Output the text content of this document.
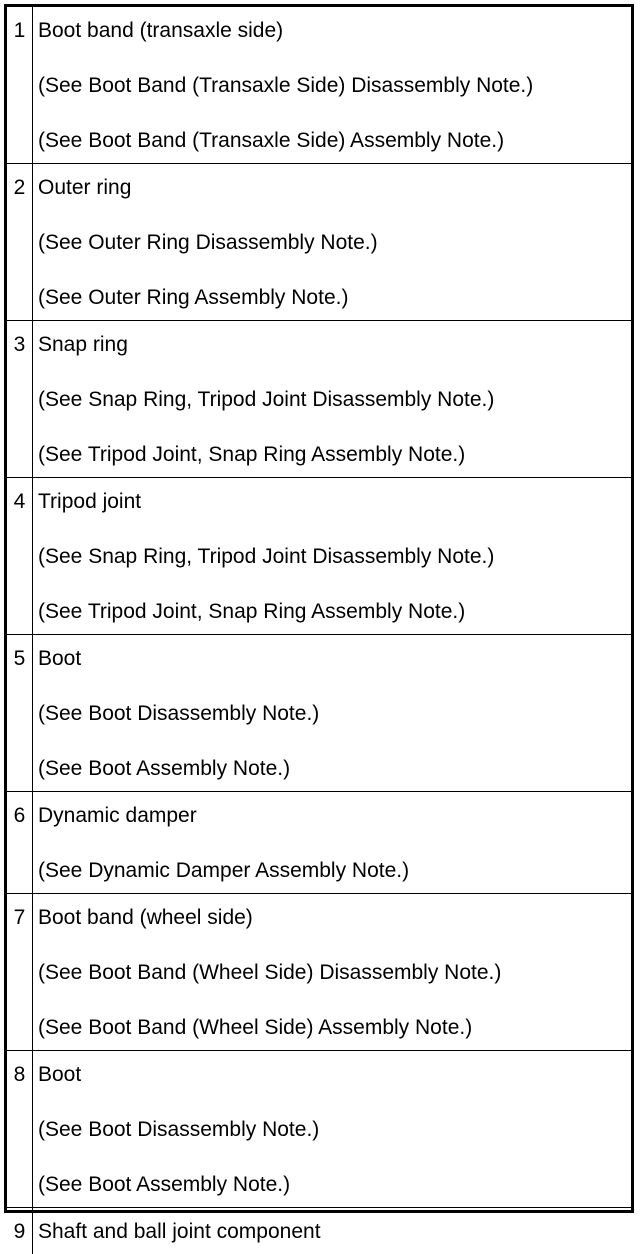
1 Boot band (transaxle side)
(See Boot Band (Transaxle Side) Disassembly Note.)
(See Boot Band (Transaxle Side) Assembly Note.)
2 Outer ring
(See Outer Ring Disassembly Note.)
(See Outer Ring Assembly Note.)
3 Snap ring
(See Snap Ring, Tripod Joint Disassembly Note.)
(See Tripod Joint, Snap Ring Assembly Note.)
4 Tripod joint
(See Snap Ring, Tripod Joint Disassembly Note.)
(See Tripod Joint, Snap Ring Assembly Note.)
5 Boot
(See Boot Disassembly Note.)
(See Boot Assembly Note.)
6 Dynamic damper
(See Dynamic Damper Assembly Note.)
7 Boot band (wheel side)
(See Boot Band (Wheel Side) Disassembly Note.)
(See Boot Band (Wheel Side) Assembly Note.)
8 Boot
(See Boot Disassembly Note.)
(See Boot Assembly Note.)
9 Shaft and ball joint component
